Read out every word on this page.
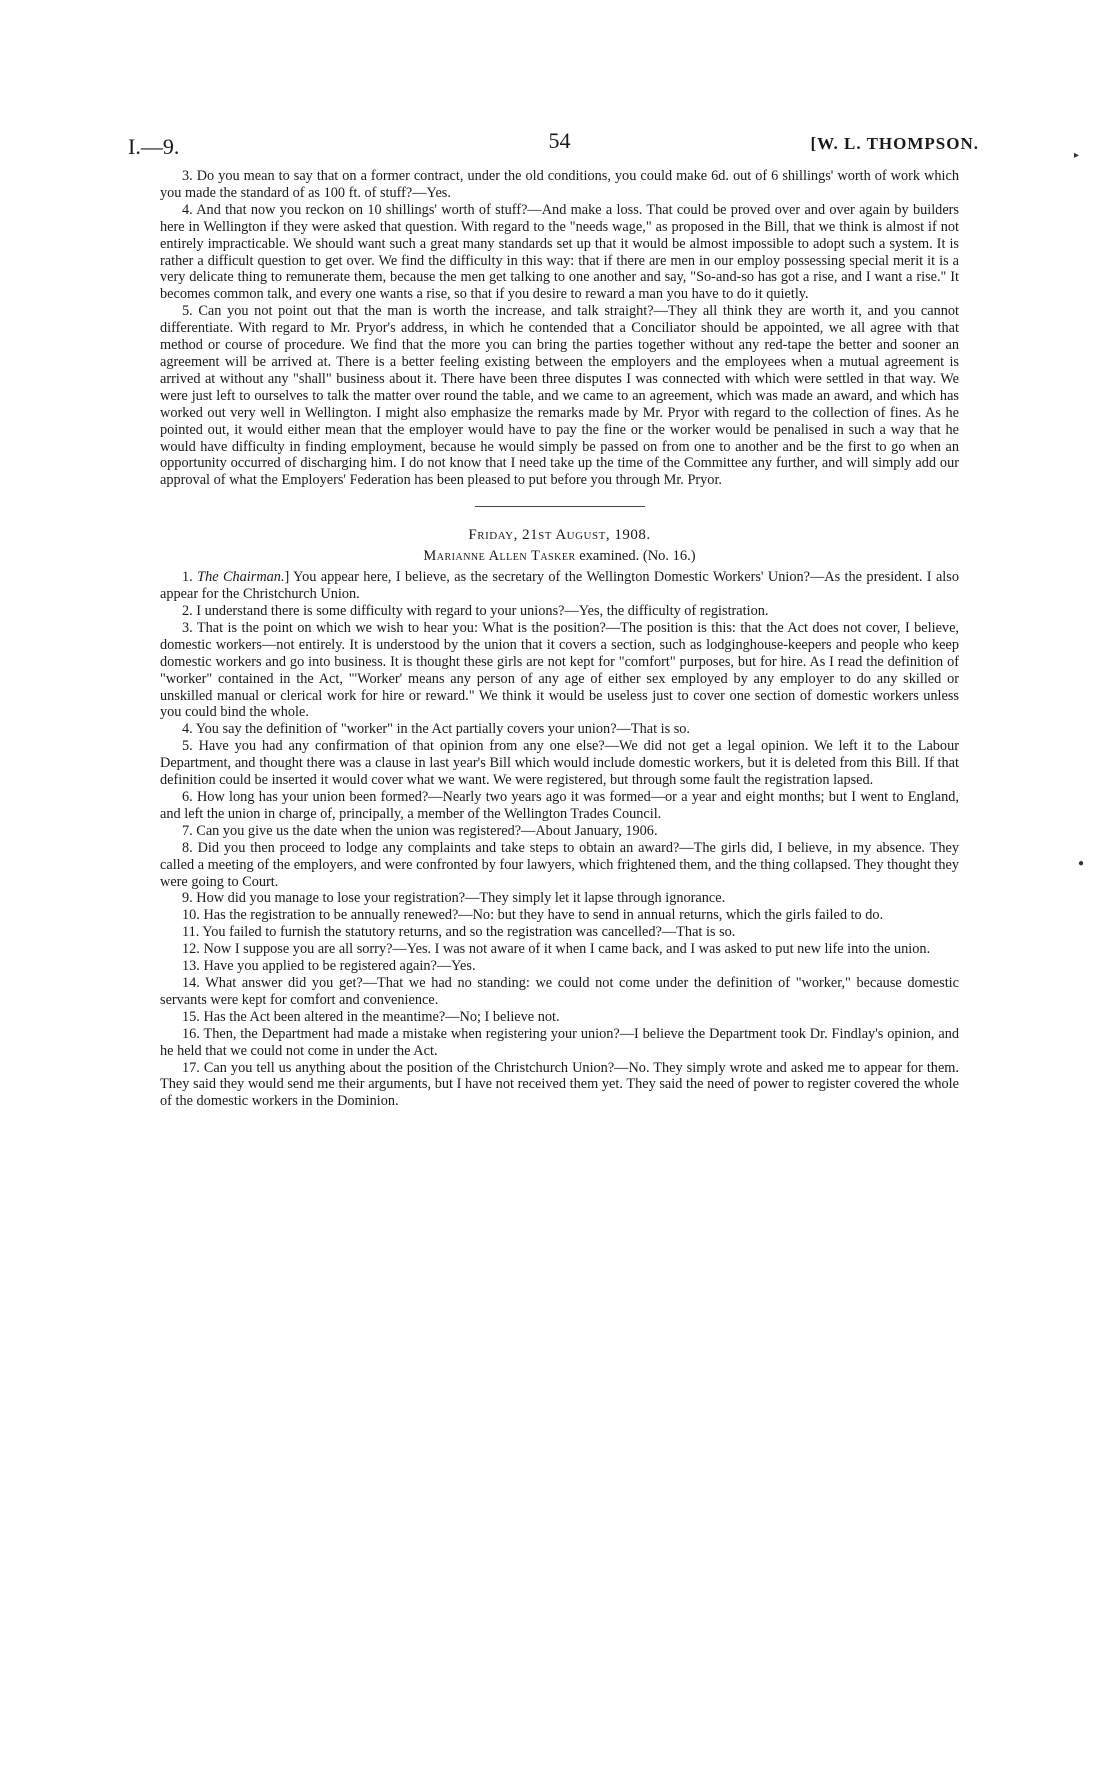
▸
●
I.—9.	54	[W. L. THOMPSON.

3. Do you mean to say that on a former contract, under the old conditions, you could make 6d. out of 6 shillings' worth of work which you made the standard of as 100 ft. of stuff?—Yes.

4. And that now you reckon on 10 shillings' worth of stuff?—And make a loss. That could be proved over and over again by builders here in Wellington if they were asked that question. With regard to the "needs wage," as proposed in the Bill, that we think is almost if not entirely impracticable. We should want such a great many standards set up that it would be almost impossible to adopt such a system. It is rather a difficult question to get over. We find the difficulty in this way: that if there are men in our employ possessing special merit it is a very delicate thing to remunerate them, because the men get talking to one another and say, "So-and-so has got a rise, and I want a rise." It becomes common talk, and every one wants a rise, so that if you desire to reward a man you have to do it quietly.

5. Can you not point out that the man is worth the increase, and talk straight?—They all think they are worth it, and you cannot differentiate. With regard to Mr. Pryor's address, in which he contended that a Conciliator should be appointed, we all agree with that method or course of procedure. We find that the more you can bring the parties together without any red-tape the better and sooner an agreement will be arrived at. There is a better feeling existing between the employers and the employees when a mutual agreement is arrived at without any "shall" business about it. There have been three disputes I was connected with which were settled in that way. We were just left to ourselves to talk the matter over round the table, and we came to an agreement, which was made an award, and which has worked out very well in Wellington. I might also emphasize the remarks made by Mr. Pryor with regard to the collection of fines. As he pointed out, it would either mean that the employer would have to pay the fine or the worker would be penalised in such a way that he would have difficulty in finding employment, because he would simply be passed on from one to another and be the first to go when an opportunity occurred of discharging him. I do not know that I need take up the time of the Committee any further, and will simply add our approval of what the Employers' Federation has been pleased to put before you through Mr. Pryor.

Friday, 21st August, 1908.
Marianne Allen Tasker examined. (No. 16.)

1. The Chairman.] You appear here, I believe, as the secretary of the Wellington Domestic Workers' Union?—As the president. I also appear for the Christchurch Union.

2. I understand there is some difficulty with regard to your unions?—Yes, the difficulty of registration.

3. That is the point on which we wish to hear you: What is the position?—The position is this: that the Act does not cover, I believe, domestic workers—not entirely. It is understood by the union that it covers a section, such as lodginghouse-keepers and people who keep domestic workers and go into business. It is thought these girls are not kept for "comfort" purposes, but for hire. As I read the definition of "worker" contained in the Act, "'Worker' means any person of any age of either sex employed by any employer to do any skilled or unskilled manual or clerical work for hire or reward." We think it would be useless just to cover one section of domestic workers unless you could bind the whole.

4. You say the definition of "worker" in the Act partially covers your union?—That is so.

5. Have you had any confirmation of that opinion from any one else?—We did not get a legal opinion. We left it to the Labour Department, and thought there was a clause in last year's Bill which would include domestic workers, but it is deleted from this Bill. If that definition could be inserted it would cover what we want. We were registered, but through some fault the registration lapsed.

6. How long has your union been formed?—Nearly two years ago it was formed—or a year and eight months; but I went to England, and left the union in charge of, principally, a member of the Wellington Trades Council.

7. Can you give us the date when the union was registered?—About January, 1906.

8. Did you then proceed to lodge any complaints and take steps to obtain an award?—The girls did, I believe, in my absence. They called a meeting of the employers, and were confronted by four lawyers, which frightened them, and the thing collapsed. They thought they were going to Court.

9. How did you manage to lose your registration?—They simply let it lapse through ignorance.

10. Has the registration to be annually renewed?—No: but they have to send in annual returns, which the girls failed to do.

11. You failed to furnish the statutory returns, and so the registration was cancelled?—That is so.

12. Now I suppose you are all sorry?—Yes. I was not aware of it when I came back, and I was asked to put new life into the union.

13. Have you applied to be registered again?—Yes.

14. What answer did you get?—That we had no standing: we could not come under the definition of "worker," because domestic servants were kept for comfort and convenience.

15. Has the Act been altered in the meantime?—No; I believe not.

16. Then, the Department had made a mistake when registering your union?—I believe the Department took Dr. Findlay's opinion, and he held that we could not come in under the Act.

17. Can you tell us anything about the position of the Christchurch Union?—No. They simply wrote and asked me to appear for them. They said they would send me their arguments, but I have not received them yet. They said the need of power to register covered the whole of the domestic workers in the Dominion.
